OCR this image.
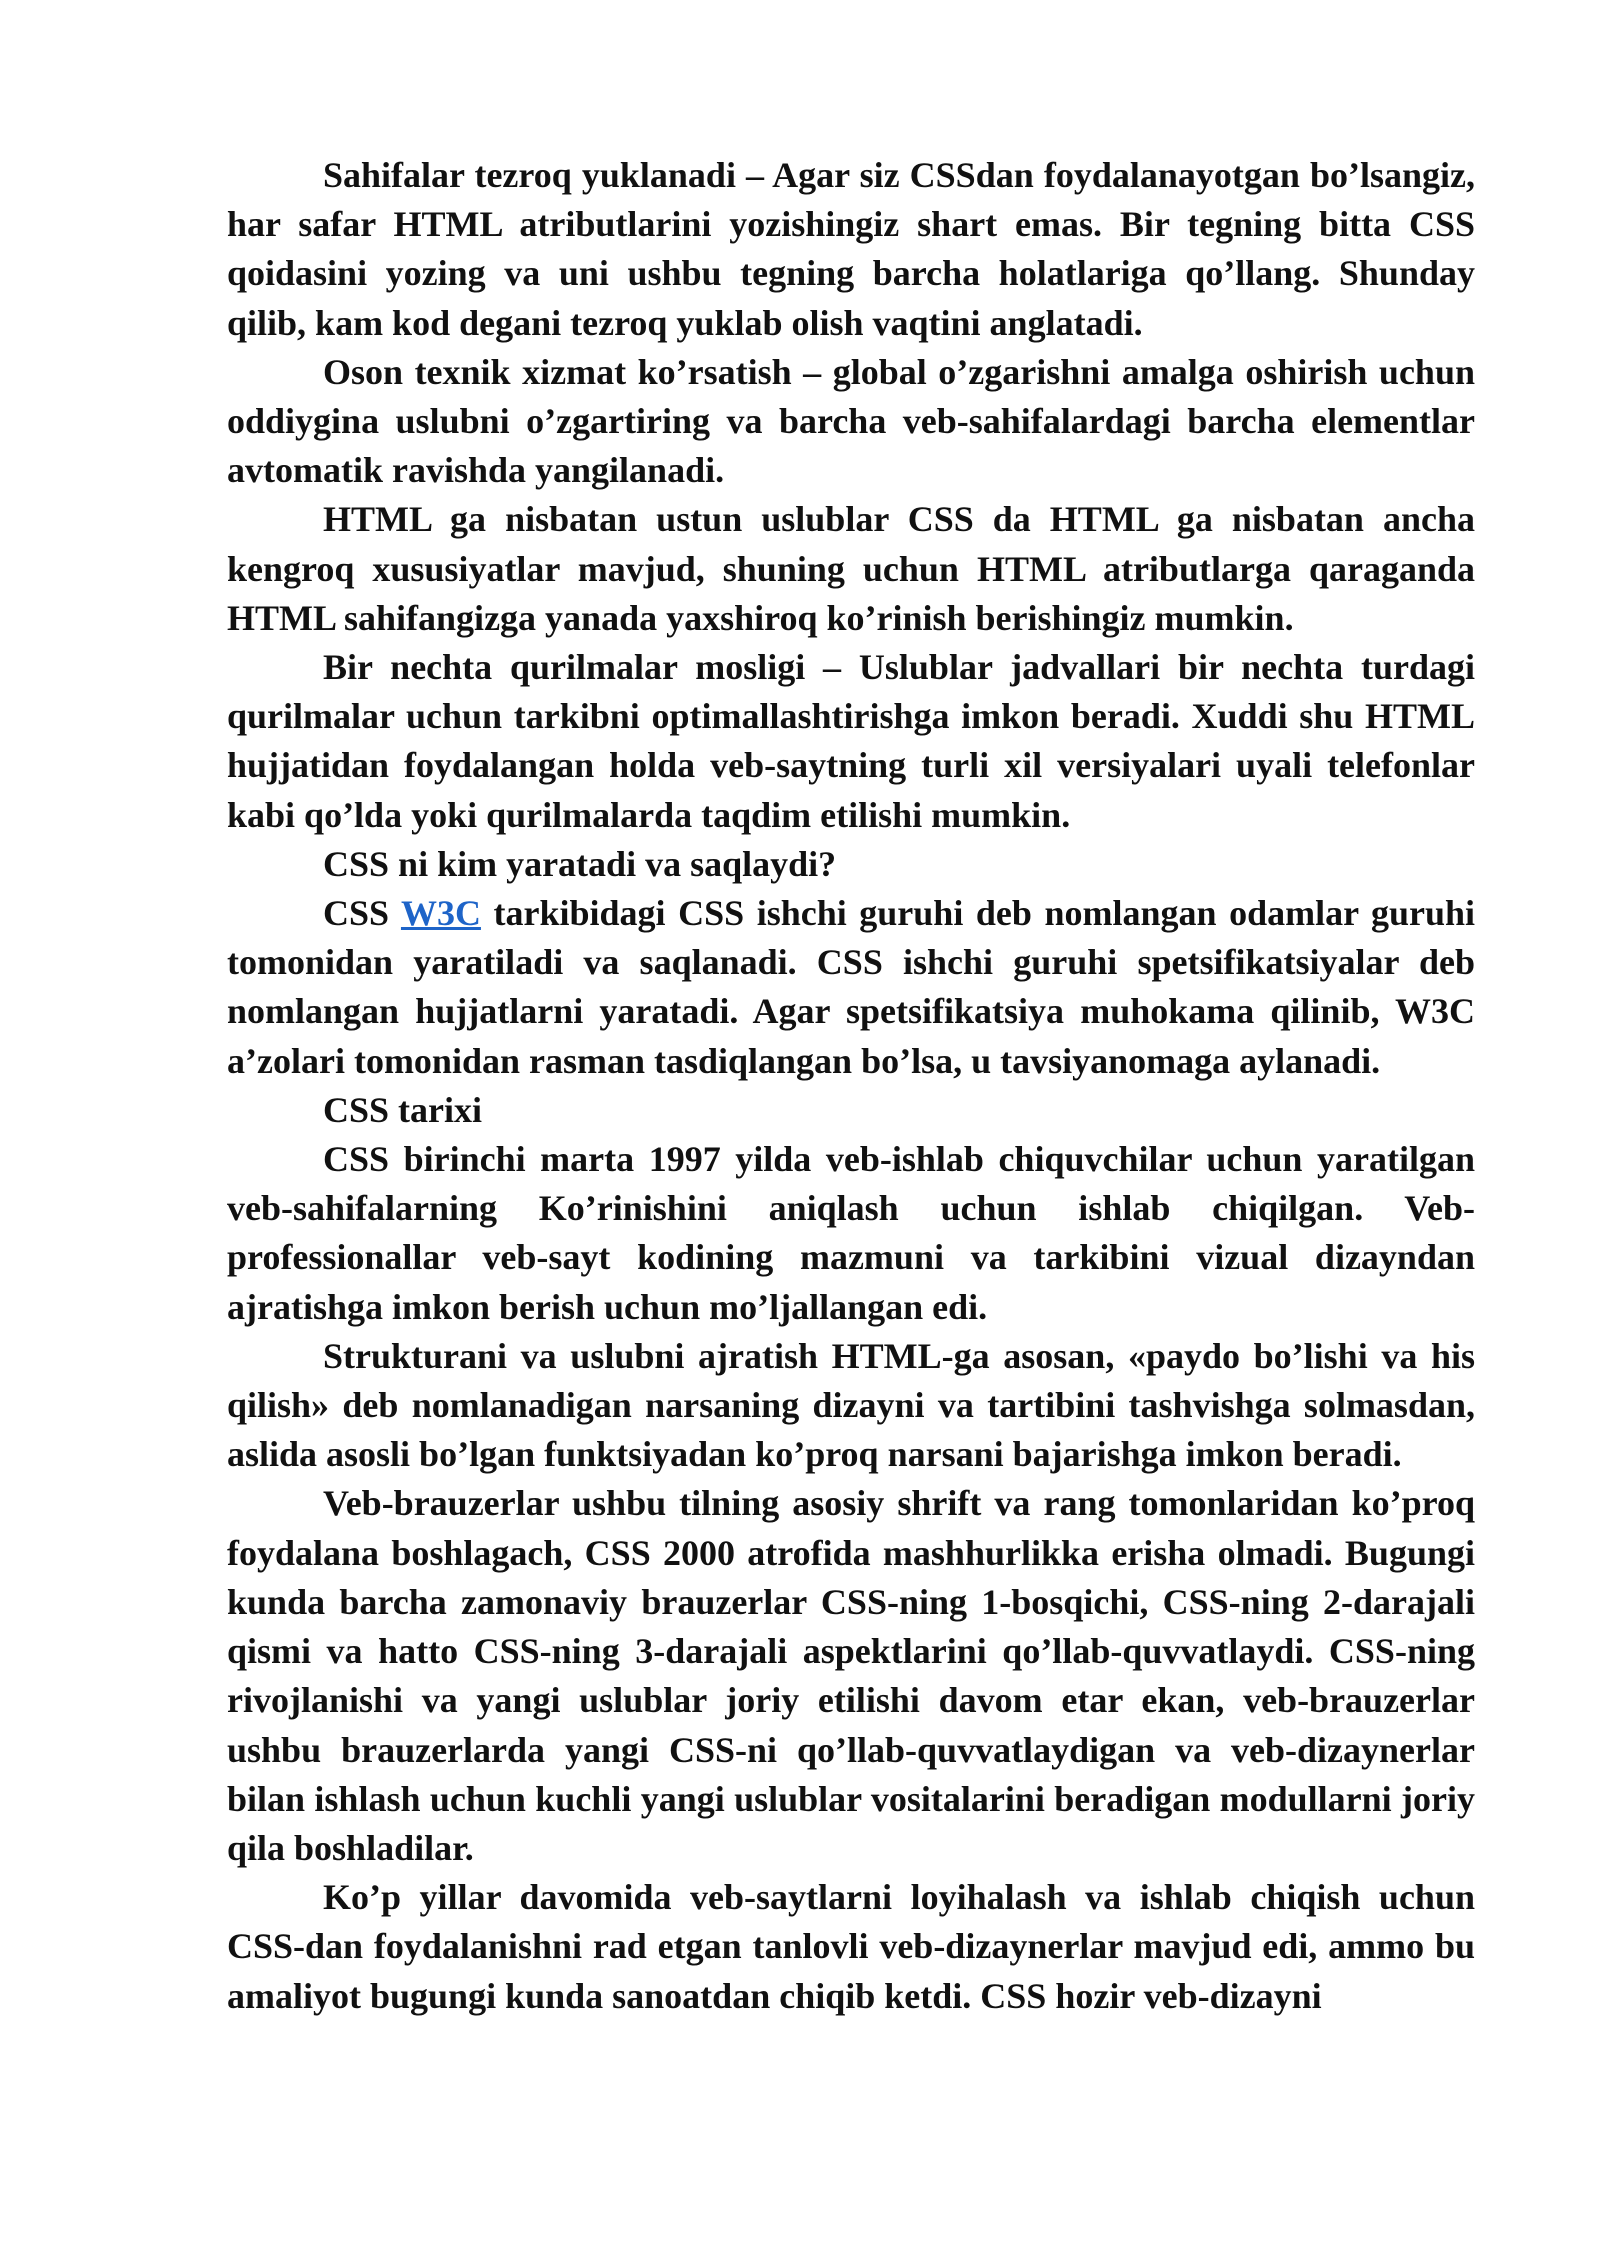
Sahifalar tezroq yuklanadi – Agar siz CSSdan foydalanayotgan bo’lsangiz, har safar HTML atributlarini yozishingiz shart emas. Bir tegning bitta CSS qoidasini yozing va uni ushbu tegning barcha holatlariga qo’llang. Shunday qilib, kam kod degani tezroq yuklab olish vaqtini anglatadi.

Oson texnik xizmat ko’rsatish – global o’zgarishni amalga oshirish uchun oddiygina uslubni o’zgartiring va barcha veb-sahifalardagi barcha elementlar avtomatik ravishda yangilanadi.

HTML ga nisbatan ustun uslublar CSS da HTML ga nisbatan ancha kengroq xususiyatlar mavjud, shuning uchun HTML atributlarga qaraganda HTML sahifangizga yanada yaxshiroq ko’rinish berishingiz mumkin.

Bir nechta qurilmalar mosligi – Uslublar jadvallari bir nechta turdagi qurilmalar uchun tarkibni optimallashtirishga imkon beradi. Xuddi shu HTML hujjatidan foydalangan holda veb-saytning turli xil versiyalari uyali telefonlar kabi qo’lda yoki qurilmalarda taqdim etilishi mumkin.

CSS ni kim yaratadi va saqlaydi?

CSS W3C tarkibidagi CSS ishchi guruhi deb nomlangan odamlar guruhi tomonidan yaratiladi va saqlanadi. CSS ishchi guruhi spetsifikatsiyalar deb nomlangan hujjatlarni yaratadi. Agar spetsifikatsiya muhokama qilinib, W3C a’zolari tomonidan rasman tasdiqlangan bo’lsa, u tavsiyanomaga aylanadi.

CSS tarixi

CSS birinchi marta 1997 yilda veb-ishlab chiquvchilar uchun yaratilgan veb-sahifalarning Ko’rinishini aniqlash uchun ishlab chiqilgan. Veb-professionallar veb-sayt kodining mazmuni va tarkibini vizual dizayndan ajratishga imkon berish uchun mo’ljallangan edi.

Strukturani va uslubni ajratish HTML-ga asosan, «paydo bo’lishi va his qilish» deb nomlanadigan narsaning dizayni va tartibini tashvishga solmasdan, aslida asosli bo’lgan funktsiyadan ko’proq narsani bajarishga imkon beradi.

Veb-brauzerlar ushbu tilning asosiy shrift va rang tomonlaridan ko’proq foydalana boshlagach, CSS 2000 atrofida mashhurlikka erisha olmadi. Bugungi kunda barcha zamonaviy brauzerlar CSS-ning 1-bosqichi, CSS-ning 2-darajali qismi va hatto CSS-ning 3-darajali aspektlarini qo’llab-quvvatlaydi. CSS-ning rivojlanishi va yangi uslublar joriy etilishi davom etar ekan, veb-brauzerlar ushbu brauzerlarda yangi CSS-ni qo’llab-quvvatlaydigan va veb-dizaynerlar bilan ishlash uchun kuchli yangi uslublar vositalarini beradigan modullarni joriy qila boshladilar.

Ko’p yillar davomida veb-saytlarni loyihalash va ishlab chiqish uchun CSS-dan foydalanishni rad etgan tanlovli veb-dizaynerlar mavjud edi, ammo bu amaliyot bugungi kunda sanoatdan chiqib ketdi. CSS hozir veb-dizayni
